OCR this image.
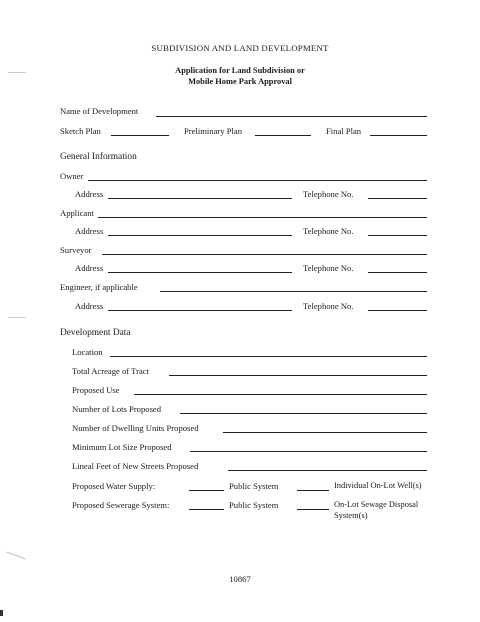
SUBDIVISION AND LAND DEVELOPMENT
Application for Land Subdivision or
Mobile Home Park Approval
Name of Development
Sketch Plan	Preliminary Plan	Final Plan
General Information
Owner
Address	Telephone No.
Applicant
Address	Telephone No.
Surveyor
Address	Telephone No.
Engineer, if applicable
Address	Telephone No.
Development Data
Location
Total Acreage of Tract
Proposed Use
Number of Lots Proposed
Number of Dwelling Units Proposed
Minimum Lot Size Proposed
Lineal Feet of New Streets Proposed
Proposed Water Supply:	Public System	Individual On-Lot Well(s)
Proposed Sewerage System:	Public System	On-Lot Sewage Disposal
System(s)
10867
